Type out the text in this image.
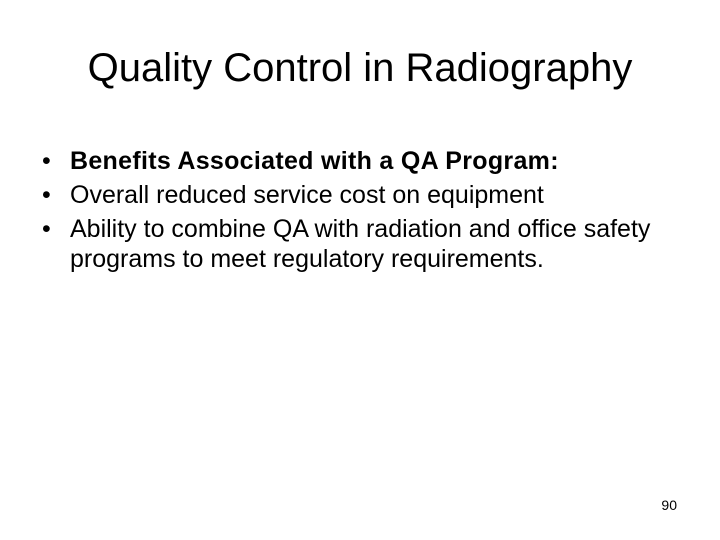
Quality Control in Radiography
• Benefits Associated with a QA Program:
• Overall reduced service cost on equipment
• Ability to combine QA with radiation and office safety programs to meet regulatory requirements.
90
